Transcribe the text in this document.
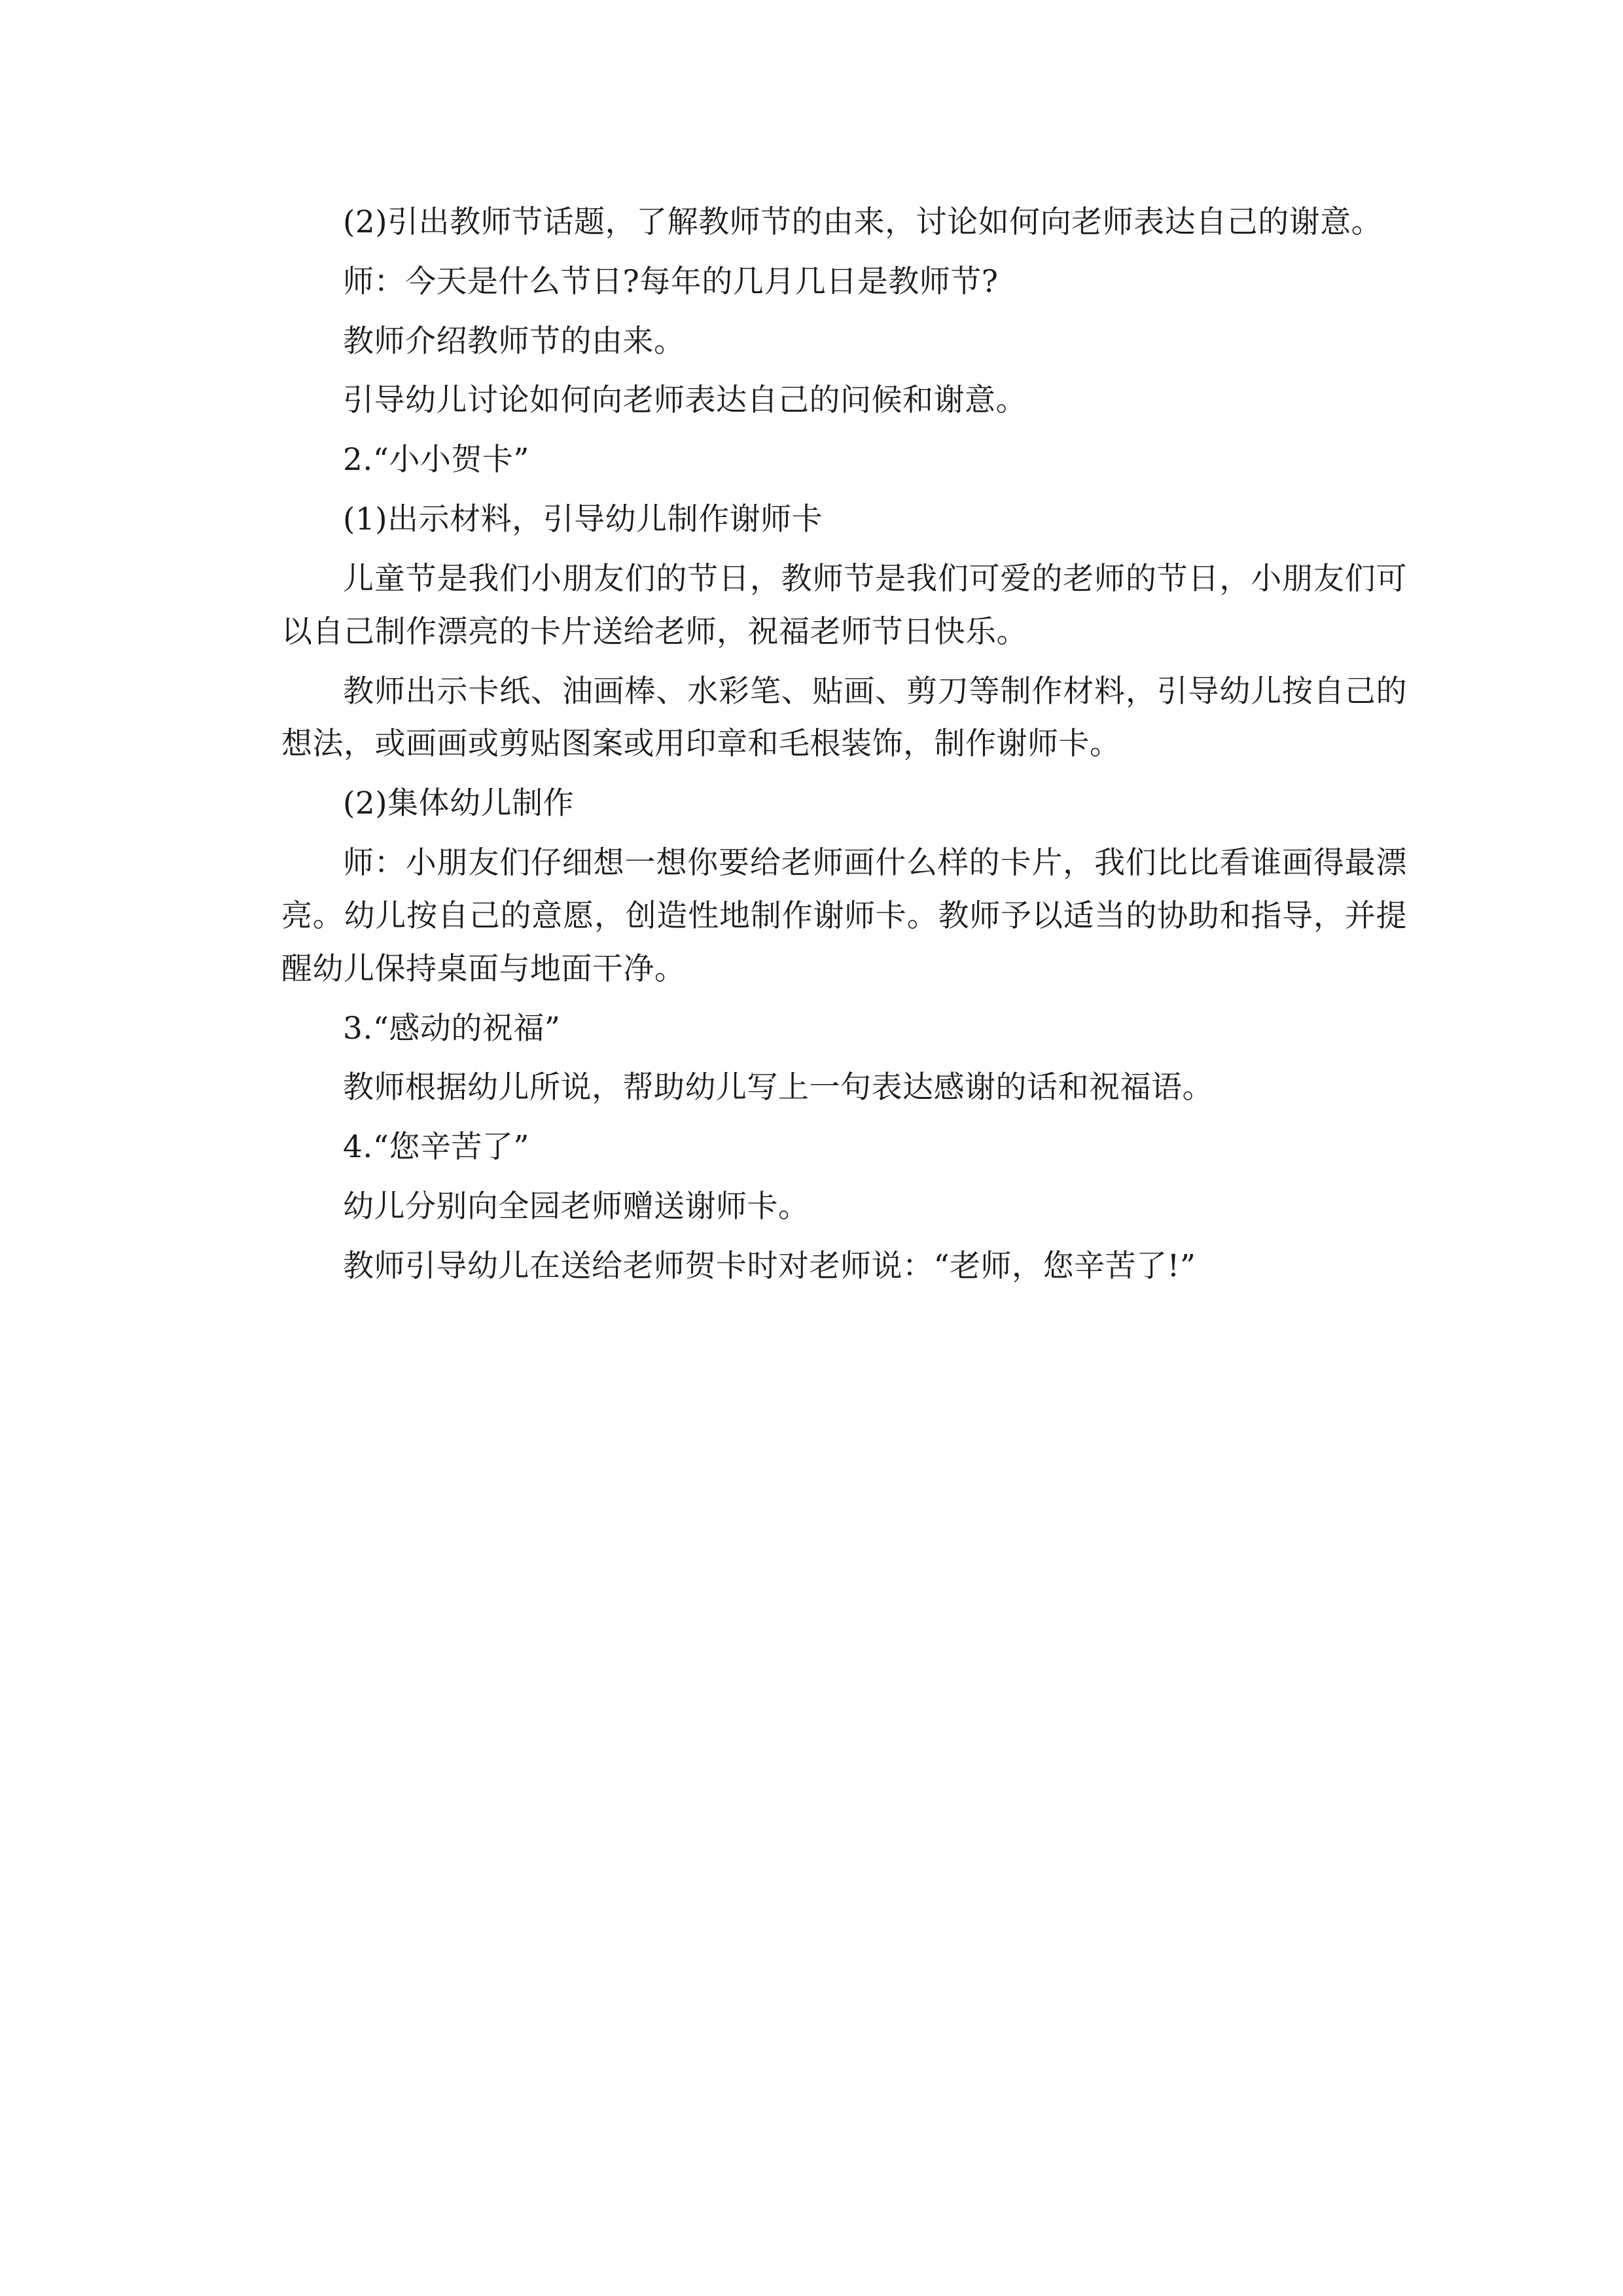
(2)引出教师节话题，了解教师节的由来，讨论如何向老师表达自己的谢意。

师：今天是什么节日?每年的几月几日是教师节?

教师介绍教师节的由来。

引导幼儿讨论如何向老师表达自己的问候和谢意。

2.“小小贺卡”

(1)出示材料，引导幼儿制作谢师卡

儿童节是我们小朋友们的节日，教师节是我们可爱的老师的节日，小朋友们可以自己制作漂亮的卡片送给老师，祝福老师节日快乐。

教师出示卡纸、油画棒、水彩笔、贴画、剪刀等制作材料，引导幼儿按自己的想法，或画画或剪贴图案或用印章和毛根装饰，制作谢师卡。

(2)集体幼儿制作

师：小朋友们仔细想一想你要给老师画什么样的卡片，我们比比看谁画得最漂亮。幼儿按自己的意愿，创造性地制作谢师卡。教师予以适当的协助和指导，并提醒幼儿保持桌面与地面干净。

3.“感动的祝福”

教师根据幼儿所说，帮助幼儿写上一句表达感谢的话和祝福语。

4.“您辛苦了”

幼儿分别向全园老师赠送谢师卡。

教师引导幼儿在送给老师贺卡时对老师说：“老师，您辛苦了!”
